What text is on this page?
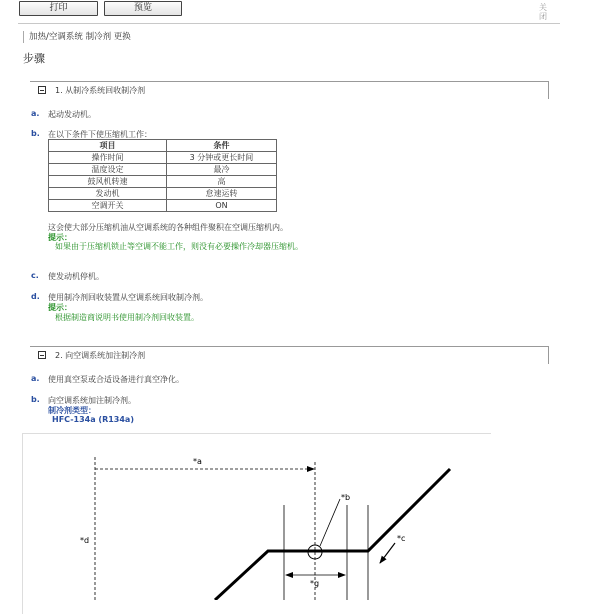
打印	预览	关闭
加热/空调系统 制冷剂 更换
步骤
1. 从制冷系统回收制冷剂
a. 起动发动机。
b. 在以下条件下使压缩机工作：
项目	条件
操作时间	3 分钟或更长时间
温度设定	最冷
鼓风机转速	高
发动机	怠速运转
空调开关	ON
这会使大部分压缩机油从空调系统的各种组件聚积在空调压缩机内。
提示：
如果由于压缩机锁止等空调不能工作，则没有必要操作冷却器压缩机。
c. 使发动机停机。
d. 使用制冷剂回收装置从空调系统回收制冷剂。
提示：
根据制造商说明书使用制冷剂回收装置。
2. 向空调系统加注制冷剂
a. 使用真空泵或合适设备进行真空净化。
b. 向空调系统加注制冷剂。
制冷剂类型：
HFC-134a (R134a)
*a
*b
*c
*d
*g
